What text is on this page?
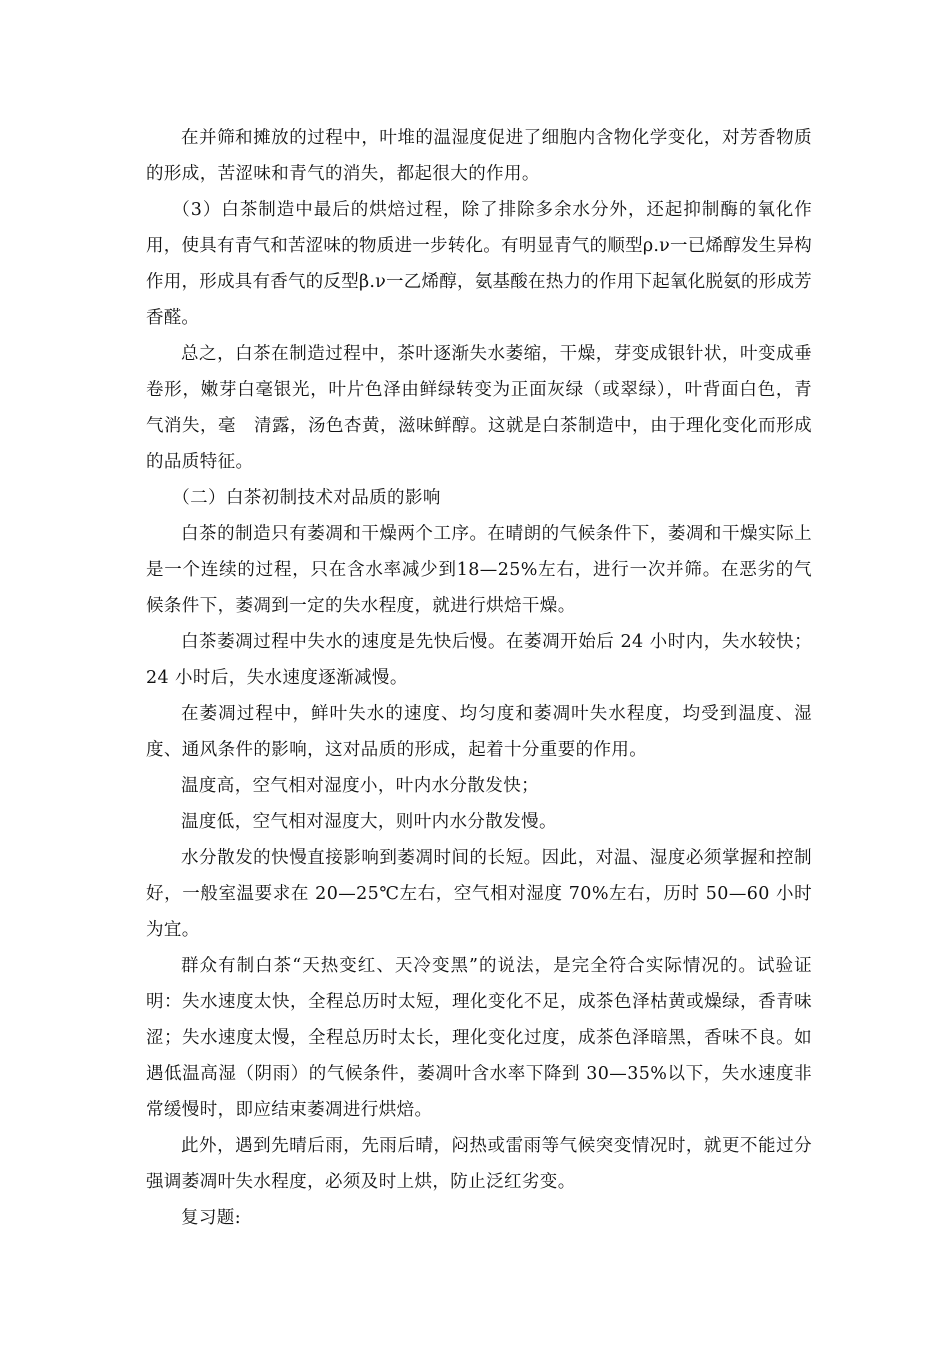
在并筛和摊放的过程中，叶堆的温湿度促进了细胞内含物化学变化，对芳香物质的形成，苦涩味和青气的消失，都起很大的作用。

（3）白茶制造中最后的烘焙过程，除了排除多余水分外，还起抑制酶的氧化作用，使具有青气和苦涩味的物质进一步转化。有明显青气的顺型ρ.ν一已烯醇发生异构作用，形成具有香气的反型β.ν一乙烯醇，氨基酸在热力的作用下起氧化脱氨的形成芳香醛。

总之，白茶在制造过程中，茶叶逐渐失水萎缩，干燥，芽变成银针状，叶变成垂卷形，嫩芽白毫银光，叶片色泽由鲜绿转变为正面灰绿（或翠绿），叶背面白色，青气消失，毫　清露，汤色杏黄，滋味鲜醇。这就是白茶制造中，由于理化变化而形成的品质特征。

（二）白茶初制技术对品质的影响

白茶的制造只有萎凋和干燥两个工序。在晴朗的气候条件下，萎凋和干燥实际上是一个连续的过程，只在含水率减少到18—25%左右，进行一次并筛。在恶劣的气候条件下，萎凋到一定的失水程度，就进行烘焙干燥。

白茶萎凋过程中失水的速度是先快后慢。在萎凋开始后 24 小时内，失水较快；24 小时后，失水速度逐渐减慢。

在萎凋过程中，鲜叶失水的速度、均匀度和萎凋叶失水程度，均受到温度、湿度、通风条件的影响，这对品质的形成，起着十分重要的作用。

温度高，空气相对湿度小，叶内水分散发快；

温度低，空气相对湿度大，则叶内水分散发慢。

水分散发的快慢直接影响到萎凋时间的长短。因此，对温、湿度必须掌握和控制好，一般室温要求在 20—25℃左右，空气相对湿度 70%左右，历时 50—60 小时为宜。

群众有制白茶“天热变红、天冷变黑”的说法，是完全符合实际情况的。试验证明：失水速度太快，全程总历时太短，理化变化不足，成茶色泽枯黄或燥绿，香青味涩；失水速度太慢，全程总历时太长，理化变化过度，成茶色泽暗黑，香味不良。如遇低温高湿（阴雨）的气候条件，萎凋叶含水率下降到 30—35%以下，失水速度非常缓慢时，即应结束萎凋进行烘焙。

此外，遇到先晴后雨，先雨后晴，闷热或雷雨等气候突变情况时，就更不能过分强调萎凋叶失水程度，必须及时上烘，防止泛红劣变。

复习题:
